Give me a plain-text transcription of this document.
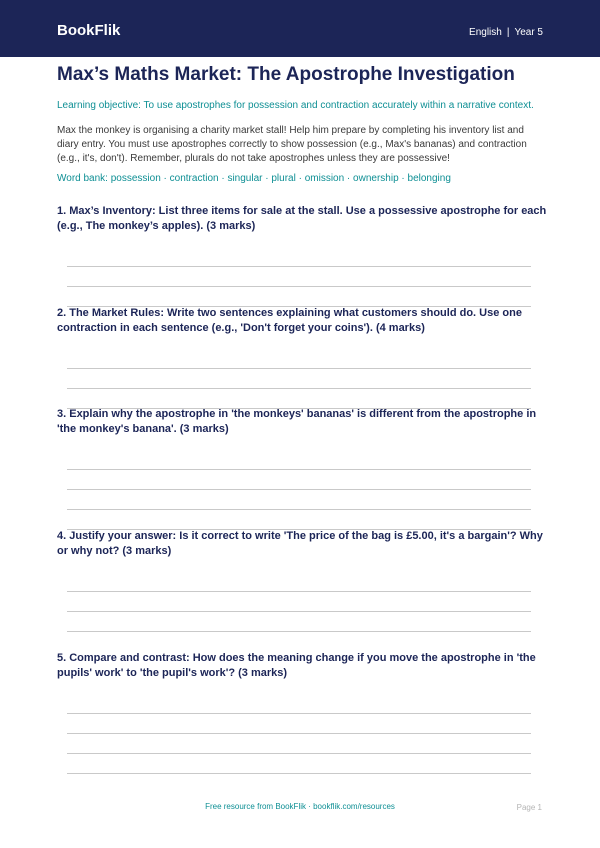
BookFlik	English | Year 5
Max’s Maths Market: The Apostrophe Investigation
Learning objective: To use apostrophes for possession and contraction accurately within a narrative context.
Max the monkey is organising a charity market stall! Help him prepare by completing his inventory list and diary entry. You must use apostrophes correctly to show possession (e.g., Max's bananas) and contraction (e.g., it's, don't). Remember, plurals do not take apostrophes unless they are possessive!
Word bank: possession · contraction · singular · plural · omission · ownership · belonging
1. Max’s Inventory: List three items for sale at the stall. Use a possessive apostrophe for each (e.g., The monkey’s apples). (3 marks)
2. The Market Rules: Write two sentences explaining what customers should do. Use one contraction in each sentence (e.g., 'Don't forget your coins'). (4 marks)
3. Explain why the apostrophe in 'the monkeys' bananas' is different from the apostrophe in 'the monkey's banana'. (3 marks)
4. Justify your answer: Is it correct to write 'The price of the bag is £5.00, it's a bargain'? Why or why not? (3 marks)
5. Compare and contrast: How does the meaning change if you move the apostrophe in 'the pupils' work' to 'the pupil's work'? (3 marks)
Free resource from BookFlik · bookflik.com/resources	Page 1
